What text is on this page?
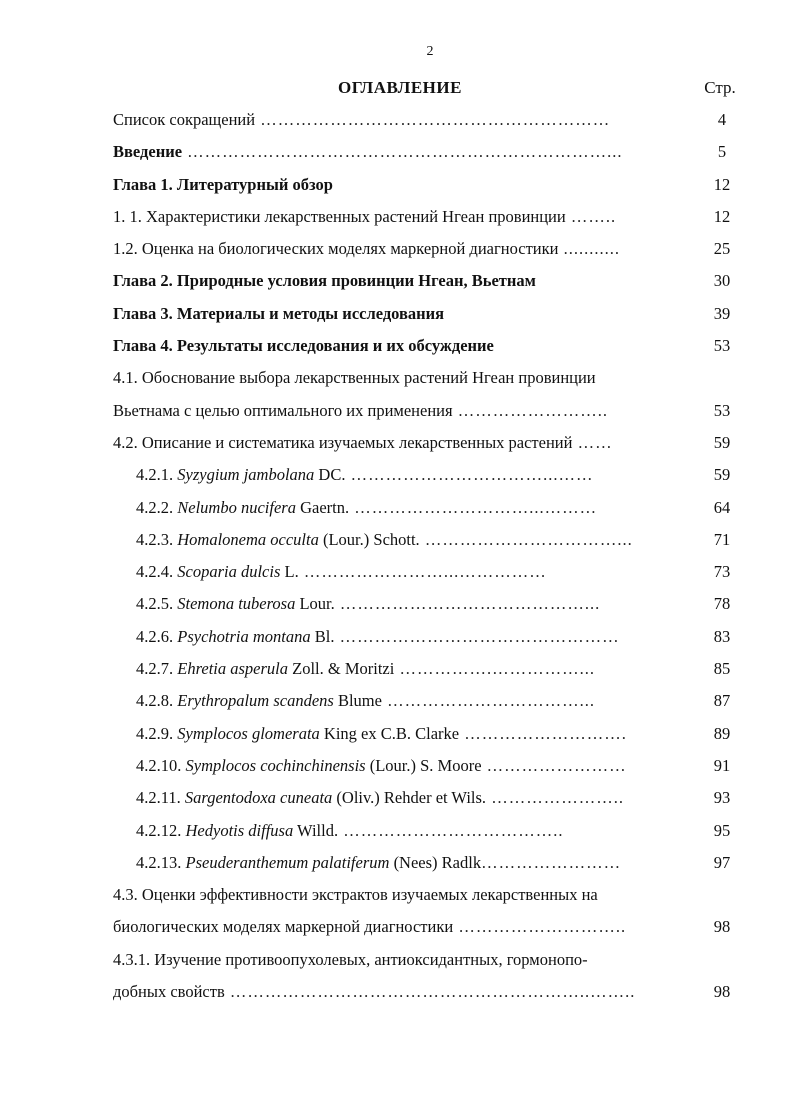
2
ОГЛАВЛЕНИЕ	Стр.
Список сокращений ……………………………………………………	4
Введение ………………………………………………………………...	5
Глава 1. Литературный обзор	12
1. 1. Характеристики лекарственных растений Нгеан провинции ……..	12
1.2. Оценка на биологических моделях маркерной диагностики ...........	25
Глава 2. Природные условия провинции Нгеан, Вьетнам	30
Глава 3. Материалы и методы исследования	39
Глава 4. Результаты исследования и их обсуждение	53
4.1. Обоснование выбора лекарственных растений Нгеан провинции
Вьетнама с целью оптимального их применения ……………………..	53
4.2. Описание и систематика изучаемых лекарственных растений ……	59
4.2.1. Syzygium jambolana DC. ……………………………...……	59
4.2.2. Nelumbo nucifera Gaertn. …………………………...………	64
4.2.3. Homalonema occulta (Lour.) Schott. ……………………………...	71
4.2.4. Scoparia dulcis L. ……………………...……………	73
4.2.5. Stemona tuberosa Lour. ……………………………………...	78
4.2.6. Psychotria montana Bl. …………………………………………	83
4.2.7. Ehretia asperula Zoll. & Moritzi …………….……………...	85
4.2.8. Erythropalum scandens Blume ……………………………...	87
4.2.9. Symplocos glomerata King ex C.B. Clarke ……………………….	89
4.2.10. Symplocos cochinchinensis (Lour.) S. Moore ……………………	91
4.2.11. Sargentodoxa cuneata (Oliv.) Rehder et Wils. …………………..	93
4.2.12. Hedyotis diffusa Willd. ………………………………..	95
4.2.13. Pseuderanthemum palatiferum (Nees) Radlk……………………	97
4.3. Оценки эффективности экстрактов изучаемых лекарственных на
биологических моделях маркерной диагностики ………………………..	98
4.3.1. Изучение противоопухолевых, антиоксидантных, гормонопо-
добных свойств ……………………………………………………..……..	98
